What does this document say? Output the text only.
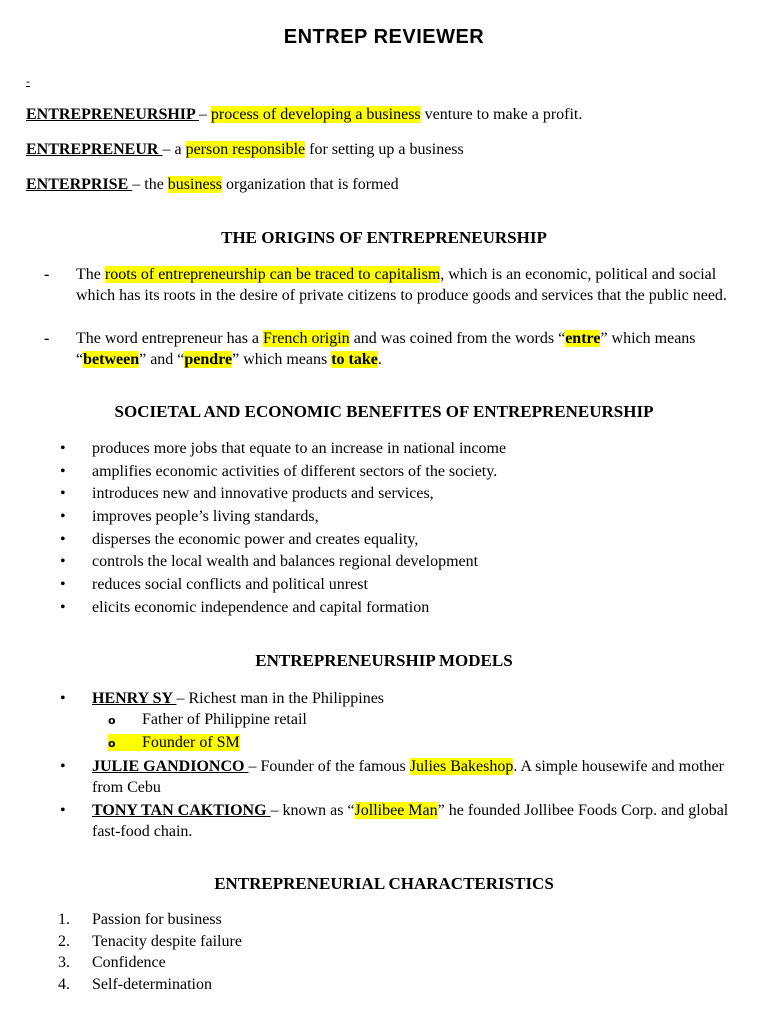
ENTREP REVIEWER
-
ENTREPRENEURSHIP – process of developing a business venture to make a profit.
ENTREPRENEUR – a person responsible for setting up a business
ENTERPRISE – the business organization that is formed
THE ORIGINS OF ENTREPRENEURSHIP
- The roots of entrepreneurship can be traced to capitalism, which is an economic, political and social which has its roots in the desire of private citizens to produce goods and services that the public need.
- The word entrepreneur has a French origin and was coined from the words “entre” which means “between” and “pendre” which means to take.
SOCIETAL AND ECONOMIC BENEFITES OF ENTREPRENEURSHIP
• produces more jobs that equate to an increase in national income
• amplifies economic activities of different sectors of the society.
• introduces new and innovative products and services,
• improves people’s living standards,
• disperses the economic power and creates equality,
• controls the local wealth and balances regional development
• reduces social conflicts and political unrest
• elicits economic independence and capital formation
ENTREPRENEURSHIP MODELS
• HENRY SY – Richest man in the Philippines
o Father of Philippine retail
o Founder of SM
• JULIE GANDIONCO – Founder of the famous Julies Bakeshop. A simple housewife and mother from Cebu
• TONY TAN CAKTIONG – known as “Jollibee Man” he founded Jollibee Foods Corp. and global fast-food chain.
ENTREPRENEURIAL CHARACTERISTICS
1. Passion for business
2. Tenacity despite failure
3. Confidence
4. Self-determination
